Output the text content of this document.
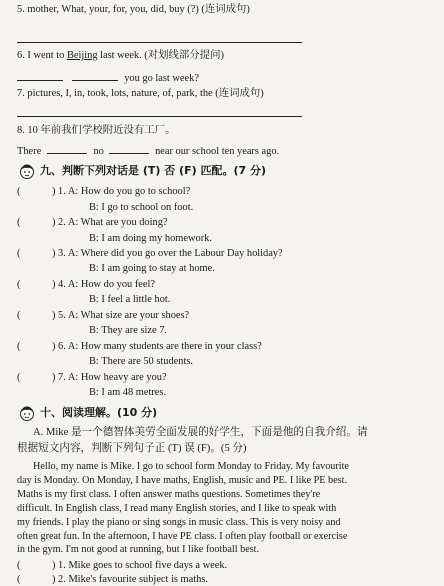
5. mother, What, your, for, you, did, buy (?) (连词成句)
6. I went to Beijing last week. (对划线部分提问)
you go last week?
7. pictures, I, in, took, lots, nature, of, park, the (连词成句)
8. 10 年前我们学校附近没有工厂。
There	no	near our school ten years ago.
九、判断下列对话是 (T) 否 (F) 匹配。(7 分)
(	) 1. A: How do you go to school?
B: I go to school on foot.
(	) 2. A: What are you doing?
B: I am doing my homework.
(	) 3. A: Where did you go over the Labour Day holiday?
B: I am going to stay at home.
(	) 4. A: How do you feel?
B: I feel a little hot.
(	) 5. A: What size are your shoes?
B: They are size 7.
(	) 6. A: How many students are there in your class?
B: There are 50 students.
(	) 7. A: How heavy are you?
B: I am 48 metres.
十、阅读理解。(10 分)
A. Mike 是一个德智体美劳全面发展的好学生，下面是他的自我介绍。请
根据短文内容，判断下列句子正 (T) 误 (F)。(5 分)
Hello, my name is Mike. I go to school form Monday to Friday. My favourite
day is Monday. On Monday, I have maths, English, music and PE. I like PE best.
Maths is my first class. I often answer maths questions. Sometimes they're
difficult. In English class, I read many English stories, and I like to speak with
my friends. I play the piano or sing songs in music class. This is very noisy and
often great fun. In the afternoon, I have PE class. I often play football or exercise
in the gym. I'm not good at running, but I like football best.
(	) 1. Mike goes to school five days a week.
(	) 2. Mike's favourite subject is maths.
